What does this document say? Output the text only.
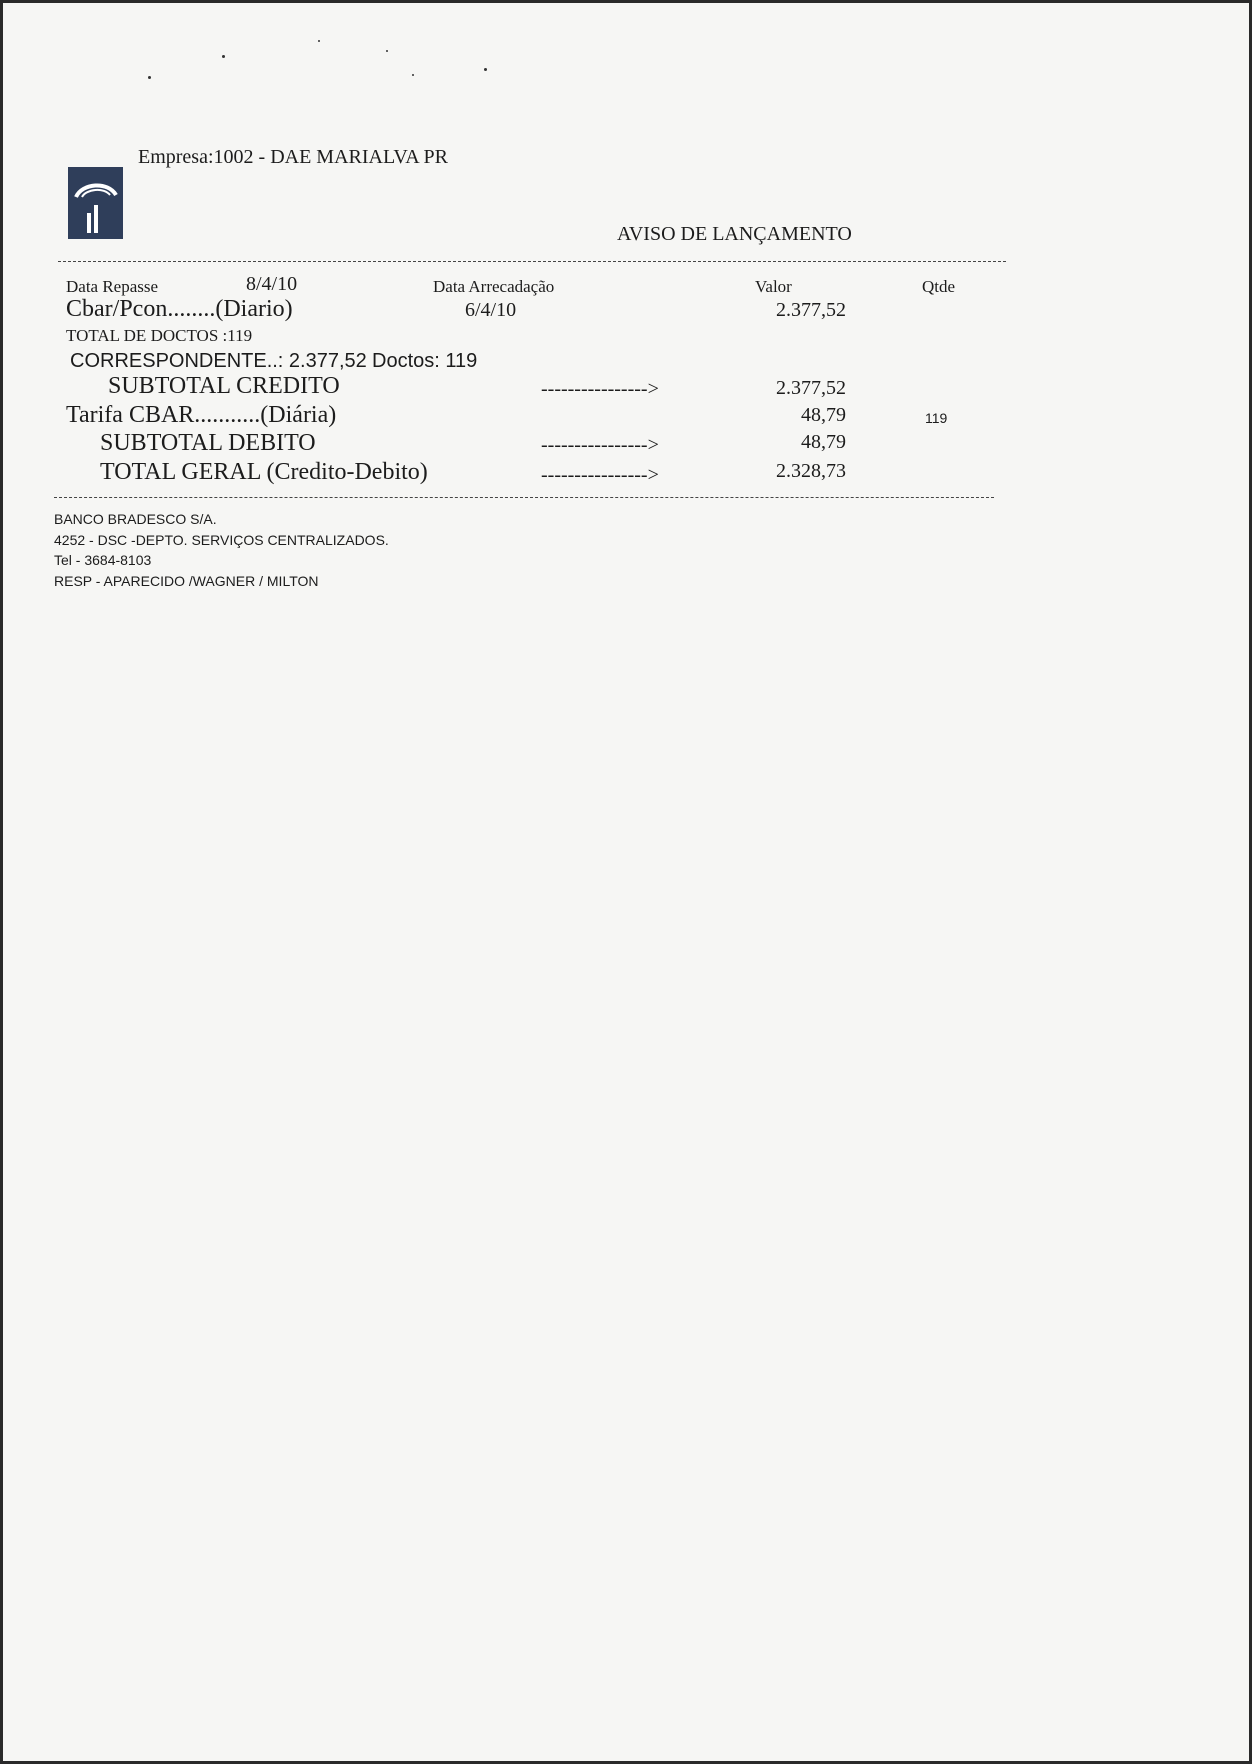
Empresa:1002 - DAE MARIALVA PR
AVISO DE LANÇAMENTO
Data Repasse	8/4/10	Data Arrecadação	Valor	Qtde
Cbar/Pcon........(Diario)	6/4/10	2.377,52
TOTAL DE DOCTOS :119
CORRESPONDENTE..: 2.377,52 Doctos: 119
SUBTOTAL CREDITO	---------------->	2.377,52
Tarifa CBAR...........(Diária)	48,79	119
SUBTOTAL DEBITO	---------------->	48,79
TOTAL GERAL (Credito-Debito)	---------------->	2.328,73
BANCO BRADESCO S/A.
4252 - DSC -DEPTO. SERVIÇOS CENTRALIZADOS.
Tel - 3684-8103
RESP - APARECIDO /WAGNER / MILTON
